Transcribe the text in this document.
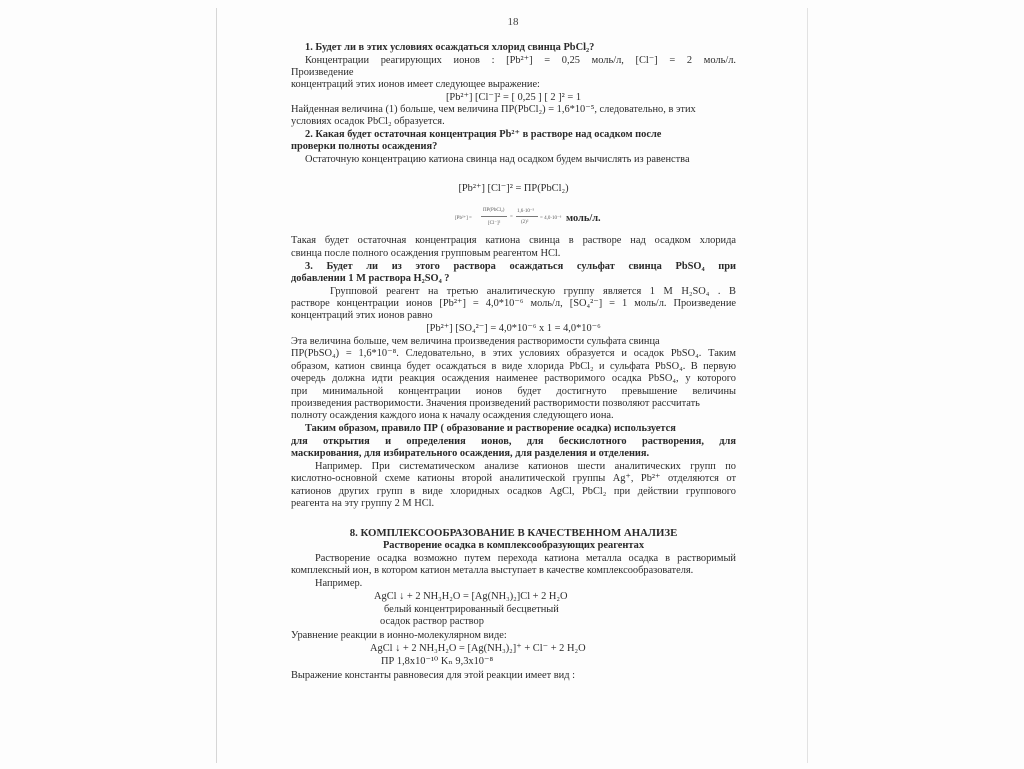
18
1. Будет ли в этих условиях осаждаться хлорид свинца PbCl₂?
Концентрации реагирующих ионов : [Pb²⁺] = 0,25 моль/л, [Cl⁻] = 2 моль/л.
Произведение
концентраций этих ионов имеет следующее выражение:
[Pb²⁺] [Cl⁻]² = [ 0,25 ] [ 2 ]² = 1
Найденная величина (1) больше, чем величина ПР(PbCl₂) = 1,6*10⁻⁵, следовательно, в этих
условиях осадок PbCl₂ образуется.
2. Какая будет остаточная концентрация Pb²⁺ в растворе над осадком после
проверки полноты осаждения?
Остаточную концентрацию катиона свинца над осадком будем вычислять из равенства
[Pb²⁺] [Cl⁻]² = ПР(PbCl₂)
[Pb²⁺] =
ПР(PbCl₂)
[Cl⁻]²
=
1,6·10⁻⁵
(2)²
= 4,0·10⁻⁶ моль/л.
Такая будет остаточная концентрация катиона свинца в растворе над осадком хлорида
свинца после полного осаждения групповым реагентом HCl.
3. Будет ли из этого раствора осаждаться сульфат свинца PbSO₄ при
добавлении 1 М раствора H₂SO₄ ?
Групповой реагент на третью аналитическую группу является 1 М H₂SO₄ . В
растворе концентрации ионов [Pb²⁺] = 4,0*10⁻⁶ моль/л, [SO₄²⁻] = 1 моль/л. Произведение
концентраций этих ионов равно
[Pb²⁺] [SO₄²⁻] = 4,0*10⁻⁶ х 1 = 4,0*10⁻⁶
Эта величина больше, чем величина произведения растворимости сульфата свинца
ПР(PbSO₄) = 1,6*10⁻⁸. Следовательно, в этих условиях образуется и осадок PbSO₄. Таким
образом, катион свинца будет осаждаться в виде хлорида PbCl₂ и сульфата PbSO₄. В первую
очередь должна идти реакция осаждения наименее растворимого осадка PbSO₄, у которого
при минимальной концентрации ионов будет достигнуто превышение величины
произведения растворимости. Значения произведений растворимости позволяют рассчитать
полноту осаждения каждого иона к началу осаждения следующего иона.
Таким образом, правило ПР ( образование и растворение осадка) используется
для открытия и определения ионов, для бескислотного растворения, для
маскирования, для избирательного осаждения, для разделения и отделения.
Например. При систематическом анализе катионов шести аналитических групп по
кислотно-основной схеме катионы второй аналитической группы Ag⁺, Pb²⁺ отделяются от
катионов других групп в виде хлоридных осадков AgCl, PbCl₂ при действии группового
реагента на эту группу 2 М HCl.
8. КОМПЛЕКСООБРАЗОВАНИЕ В КАЧЕСТВЕННОМ АНАЛИЗЕ
Растворение осадка в комплексообразующих реагентах
Растворение осадка возможно путем перехода катиона металла осадка в растворимый
комплексный ион, в котором катион металла выступает в качестве комплексообразователя.
Например.
AgCl ↓ + 2 NH₃H₂O = [Ag(NH₃)₂]Cl + 2 H₂O
белый концентрированный бесцветный
осадок раствор раствор
Уравнение реакции в ионно-молекулярном виде:
AgCl ↓ + 2 NH₃H₂O = [Ag(NH₃)₂]⁺ + Cl⁻ + 2 H₂O
ПР 1,8х10⁻¹⁰ Kₙ 9,3х10⁻⁸
Выражение константы равновесия для этой реакции имеет вид :
